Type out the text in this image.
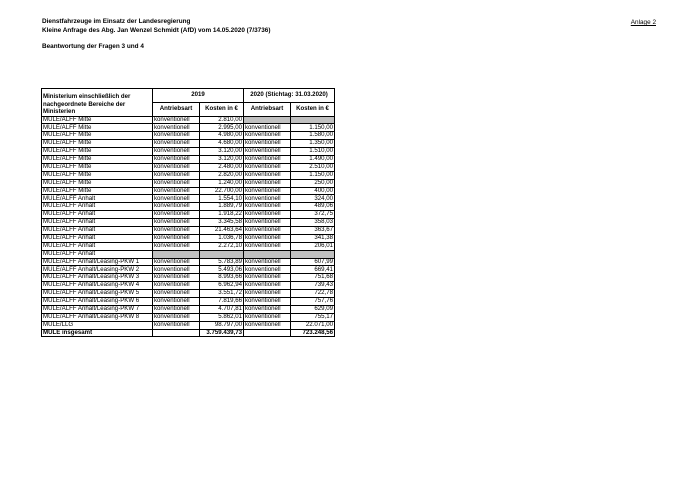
Dienstfahrzeuge im Einsatz der Landesregierung
Kleine Anfrage des Abg. Jan Wenzel Schmidt (AfD) vom 14.05.2020 (7/3736)
Beantwortung der Fragen 3 und 4
Anlage 2
Ministerium einschließlich der nachgeordnete Bereiche der Ministerien	2019		2020 (Stichtag: 31.03.2020)	
	Antriebsart	Kosten in €	Antriebsart	Kosten in €
MULE/ALFF Mitte	konventionell	2.810,00		
MULE/ALFF Mitte	konventionell	2.995,00	konventionell	1.150,00
MULE/ALFF Mitte	konventionell	4.980,00	konventionell	1.580,00
MULE/ALFF Mitte	konventionell	4.680,00	konventionell	1.350,00
MULE/ALFF Mitte	konventionell	3.120,00	konventionell	1.510,00
MULE/ALFF Mitte	konventionell	3.120,00	konventionell	1.490,00
MULE/ALFF Mitte	konventionell	2.480,00	konventionell	2.510,00
MULE/ALFF Mitte	konventionell	2.820,00	konventionell	1.150,00
MULE/ALFF Mitte	konventionell	1.240,00	konventionell	250,00
MULE/ALFF Mitte	konventionell	22.700,00	konventionell	400,00
MULE/ALFF Anhalt	konventionell	1.554,10	konventionell	324,00
MULE/ALFF Anhalt	konventionell	1.889,79	konventionell	489,06
MULE/ALFF Anhalt	konventionell	1.918,22	konventionell	372,75
MULE/ALFF Anhalt	konventionell	3.345,58	konventionell	358,03
MULE/ALFF Anhalt	konventionell	21.463,64	konventionell	363,67
MULE/ALFF Anhalt	konventionell	1.036,78	konventionell	341,38
MULE/ALFF Anhalt	konventionell	2.272,10	konventionell	206,01
MULE/ALFF Anhalt				
MULE/ALFF Anhalt/Leasing-PKW 1	konventionell	5.783,89	konventionell	607,99
MULE/ALFF Anhalt/Leasing-PKW 2	konventionell	5.493,06	konventionell	669,41
MULE/ALFF Anhalt/Leasing-PKW 3	konventionell	8.993,66	konventionell	751,68
MULE/ALFF Anhalt/Leasing-PKW 4	konventionell	6.962,94	konventionell	739,43
MULE/ALFF Anhalt/Leasing-PKW 5	konventionell	3.551,72	konventionell	722,78
MULE/ALFF Anhalt/Leasing-PKW 6	konventionell	7.819,66	konventionell	757,76
MULE/ALFF Anhalt/Leasing-PKW 7	konventionell	4.707,81	konventionell	629,09
MULE/ALFF Anhalt/Leasing-PKW 8	konventionell	5.862,01	konventionell	755,17
MULE/LLG	konventionell	98.797,00	konventionell	22.071,00
MULE insgesamt		3.759.439,73		723.248,56
